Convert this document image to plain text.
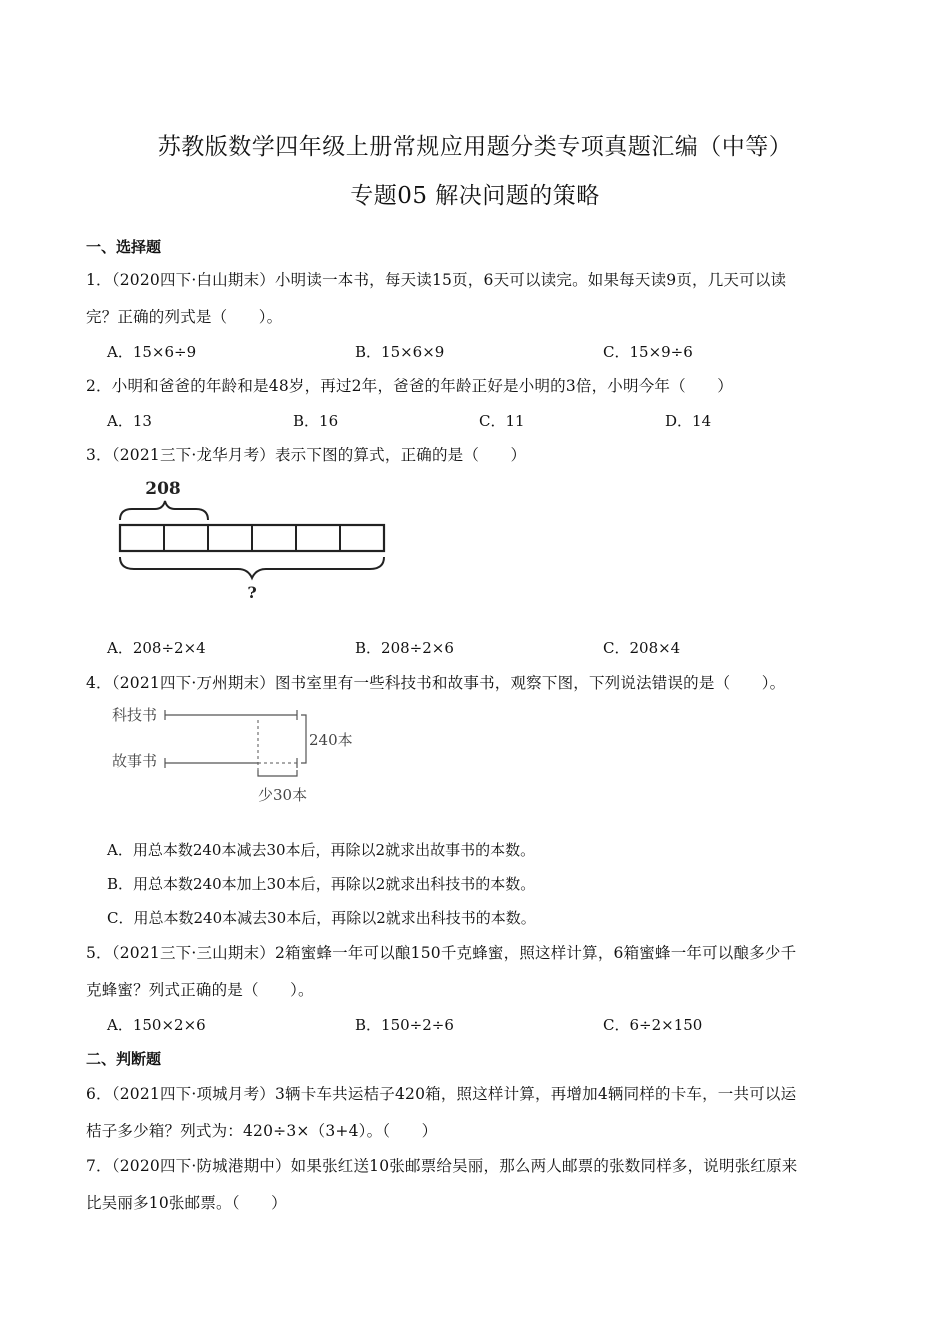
苏教版数学四年级上册常规应用题分类专项真题汇编（中等）
专题05 解决问题的策略
一、选择题
1．（2020四下·白山期末）小明读一本书，每天读15页，6天可以读完。如果每天读9页，几天可以读
完？正确的列式是（　　）。
A．15×6÷9	B．15×6×9	C．15×9÷6
2．小明和爸爸的年龄和是48岁，再过2年，爸爸的年龄正好是小明的3倍，小明今年（　　）
A．13	B．16	C．11	D．14
3．（2021三下·龙华月考）表示下图的算式，正确的是（　　）
208
?
A．208÷2×4	B．208÷2×6	C．208×4
4．（2021四下·万州期末）图书室里有一些科技书和故事书，观察下图，下列说法错误的是（　　）。
科技书
故事书
240本
少30本
A．用总本数240本减去30本后，再除以2就求出故事书的本数。
B．用总本数240本加上30本后，再除以2就求出科技书的本数。
C．用总本数240本减去30本后，再除以2就求出科技书的本数。
5．（2021三下·三山期末）2箱蜜蜂一年可以酿150千克蜂蜜，照这样计算，6箱蜜蜂一年可以酿多少千
克蜂蜜？列式正确的是（　　）。
A．150×2×6	B．150÷2÷6	C．6÷2×150
二、判断题
6．（2021四下·项城月考）3辆卡车共运桔子420箱，照这样计算，再增加4辆同样的卡车，一共可以运
桔子多少箱？列式为：420÷3×（3+4）。（　　）
7．（2020四下·防城港期中）如果张红送10张邮票给吴丽，那么两人邮票的张数同样多，说明张红原来
比吴丽多10张邮票。（　　）
